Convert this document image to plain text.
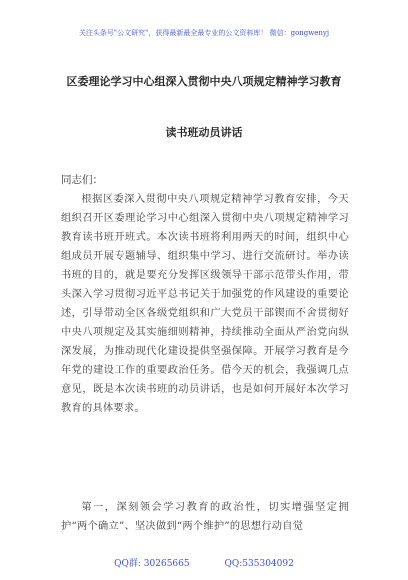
关注头条号"公文研究"，获得最新最全最专业的公文资料库！ 微信：gongwenyj
区委理论学习中心组深入贯彻中央八项规定精神学习教育
读书班动员讲话
同志们：
根据区委深入贯彻中央八项规定精神学习教育安排，今天组织召开区委理论学习中心组深入贯彻中央八项规定精神学习教育读书班开班式。本次读书班将利用两天的时间，组织中心组成员开展专题辅导、组织集中学习、进行交流研讨。举办读书班的目的，就是要充分发挥区级领导干部示范带头作用，带头深入学习贯彻习近平总书记关于加强党的作风建设的重要论述，引导带动全区各级党组织和广大党员干部锲而不舍贯彻好中央八项规定及其实施细则精神，持续推动全面从严治党向纵深发展，为推动现代化建设提供坚强保障。开展学习教育是今年党的建设工作的重要政治任务。借今天的机会，我强调几点意见，既是本次读书班的动员讲话，也是如何开展好本次学习教育的具体要求。
第一，深刻领会学习教育的政治性，切实增强坚定拥护“两个确立”、坚决做到“两个维护”的思想行动自觉
QQ群: 30265665	QQ:535304092
